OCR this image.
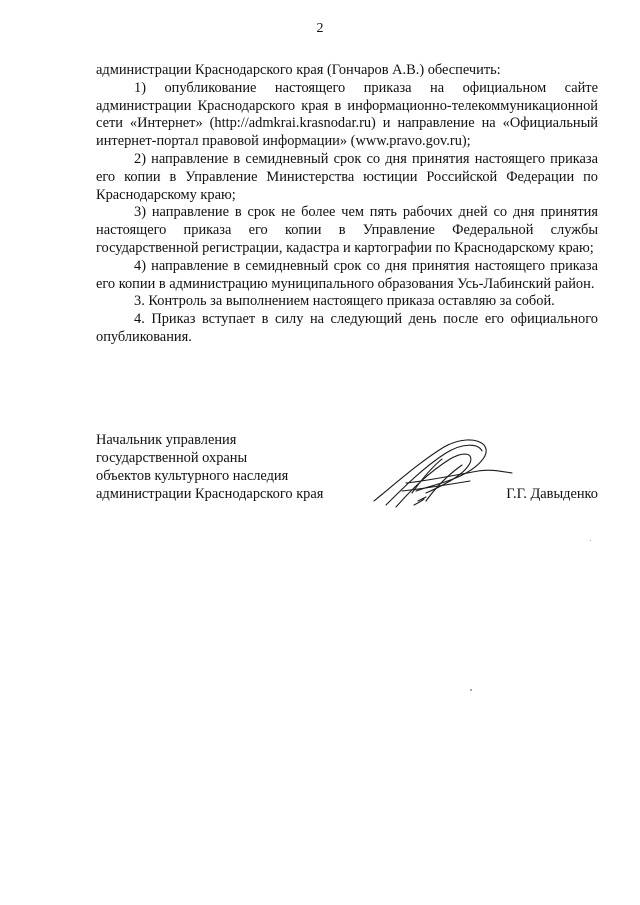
2

администрации Краснодарского края (Гончаров А.В.) обеспечить:

1) опубликование настоящего приказа на официальном сайте администрации Краснодарского края в информационно-телекоммуникационной сети «Интернет» (http://admkrai.krasnodar.ru) и направление на «Официальный интернет-портал правовой информации» (www.pravo.gov.ru);

2) направление в семидневный срок со дня принятия настоящего приказа его копии в Управление Министерства юстиции Российской Федерации по Краснодарскому краю;

3) направление в срок не более чем пять рабочих дней со дня принятия настоящего приказа его копии в Управление Федеральной службы государственной регистрации, кадастра и картографии по Краснодарскому краю;

4) направление в семидневный срок со дня принятия настоящего приказа его копии в администрацию муниципального образования Усь-Лабинский район.

3. Контроль за выполнением настоящего приказа оставляю за собой.

4. Приказ вступает в силу на следующий день после его официального опубликования.

Начальник управления
государственной охраны
объектов культурного наследия
администрации Краснодарского края	Г.Г. Давыденко
